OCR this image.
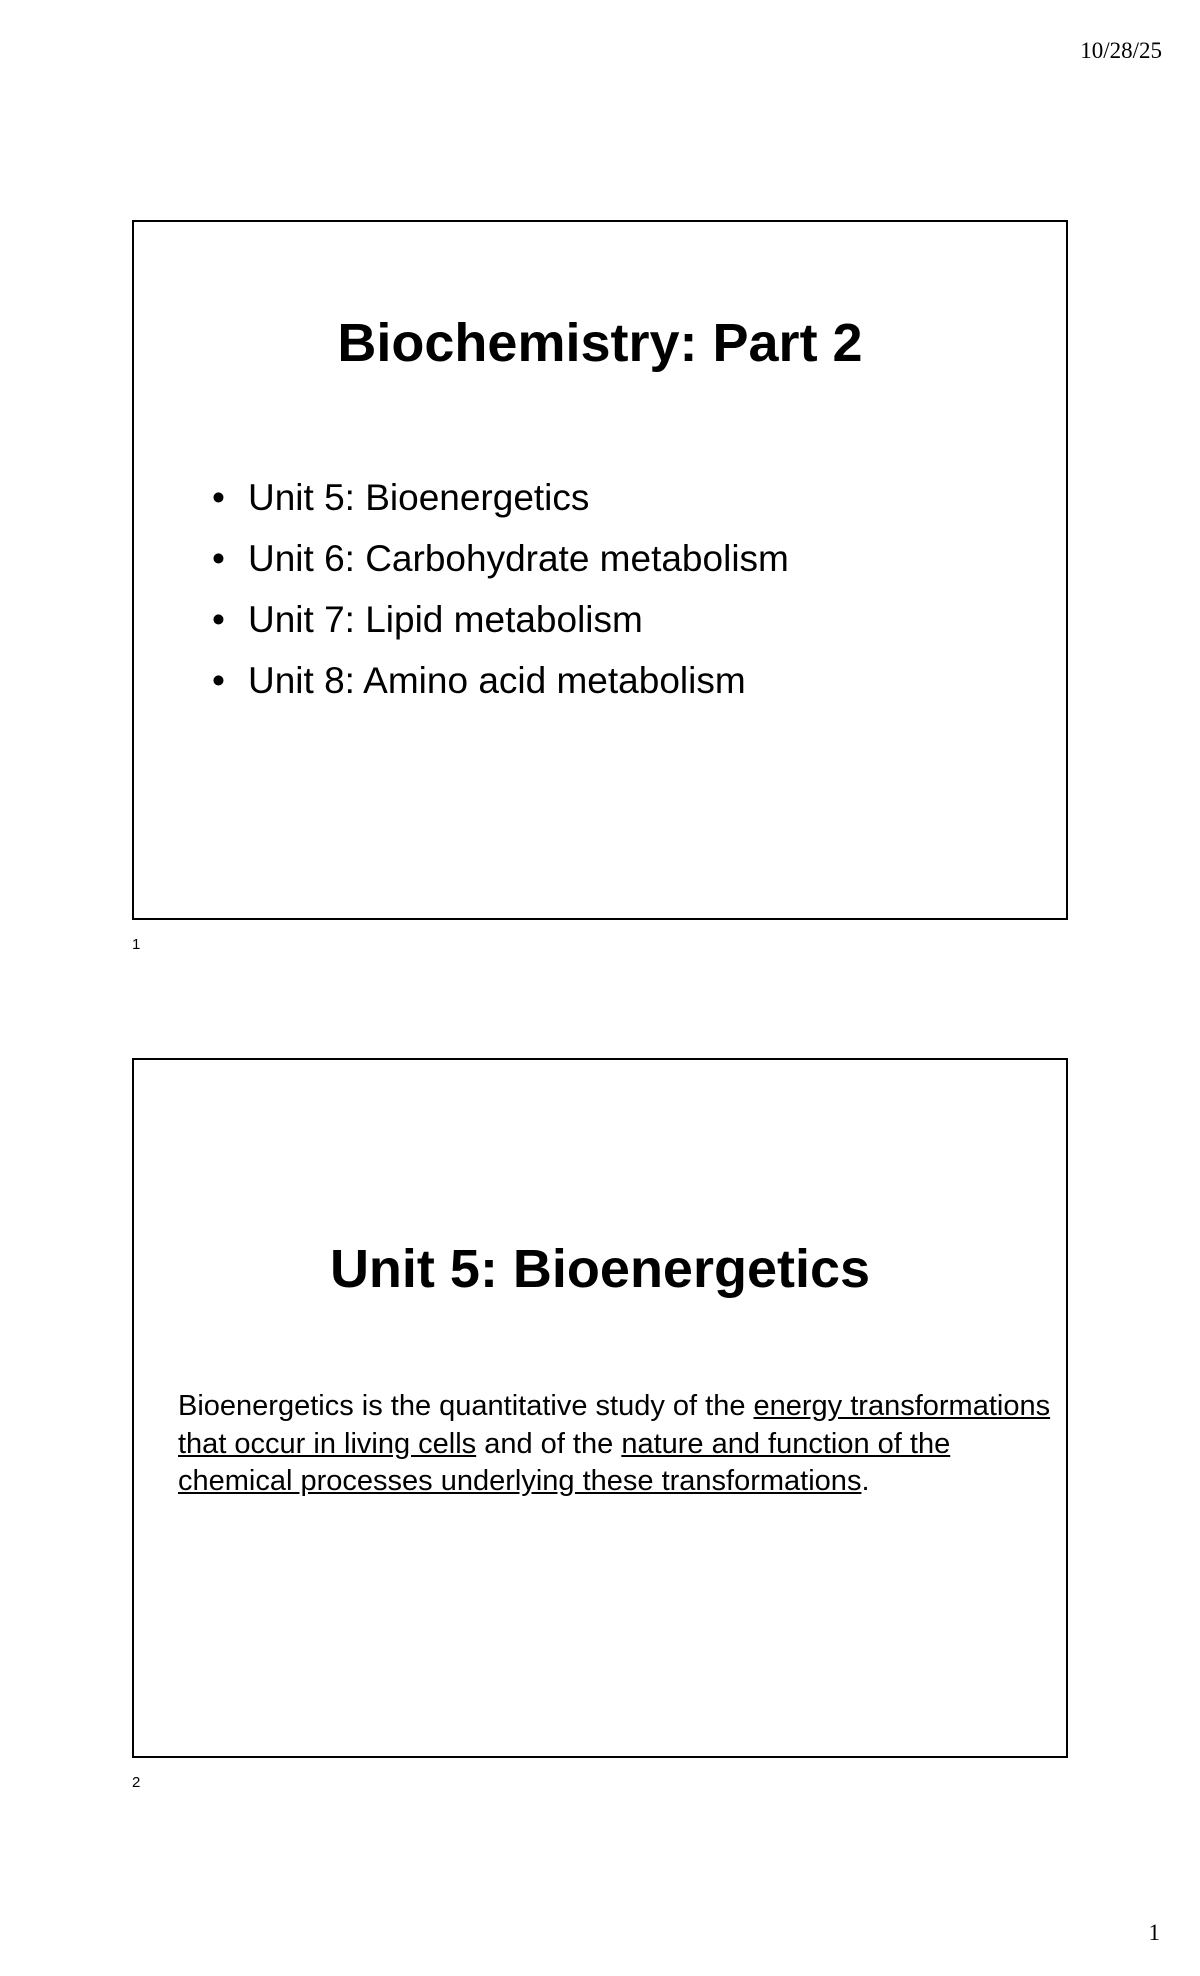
10/28/25
Biochemistry: Part 2
• Unit 5: Bioenergetics
• Unit 6: Carbohydrate metabolism
• Unit 7: Lipid metabolism
• Unit 8: Amino acid metabolism
1
Unit 5: Bioenergetics

Bioenergetics is the quantitative study of the energy transformations that occur in living cells and of the nature and function of the chemical processes underlying these transformations.

2
1
